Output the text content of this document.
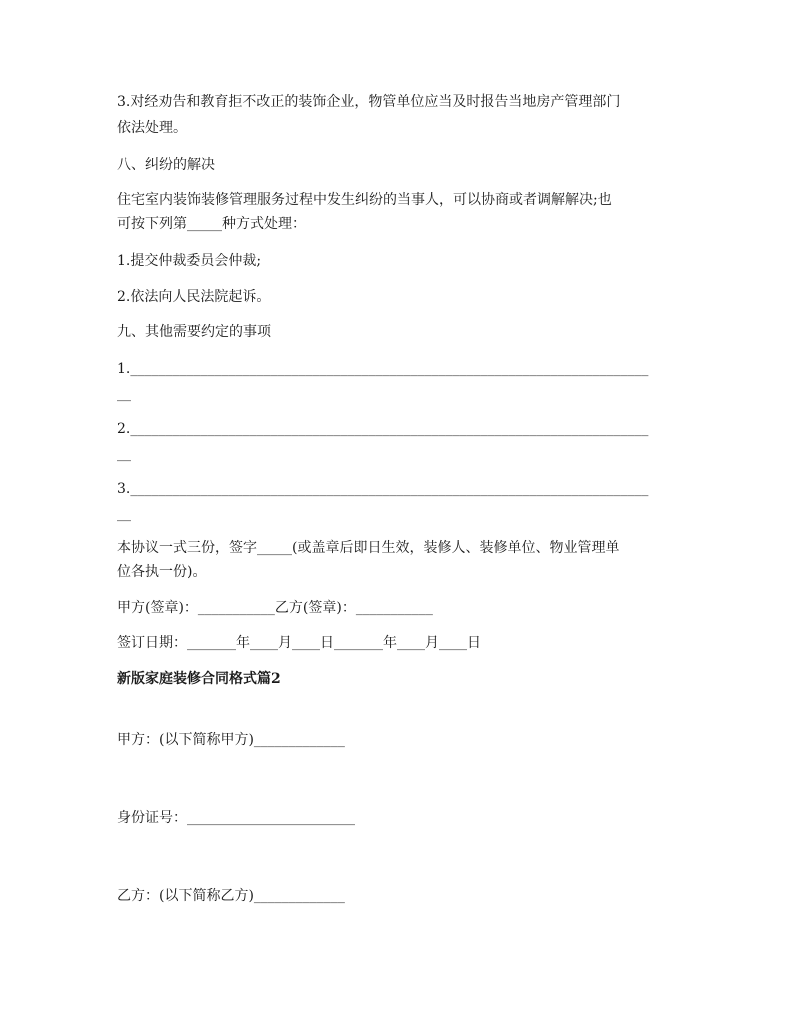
3.对经劝告和教育拒不改正的装饰企业，物管单位应当及时报告当地房产管理部门
依法处理。
八、纠纷的解决
住宅室内装饰装修管理服务过程中发生纠纷的当事人，可以协商或者调解解决;也
可按下列第_____种方式处理：
1.提交仲裁委员会仲裁;
2.依法向人民法院起诉。
九、其他需要约定的事项
1.__________________________________________________________________________
__
2.__________________________________________________________________________
__
3.__________________________________________________________________________
__
本协议一式三份，签字_____(或盖章后即日生效，装修人、装修单位、物业管理单
位各执一份)。
甲方(签章)：___________乙方(签章)：___________
签订日期：_______年____月____日_______年____月____日
新版家庭装修合同格式篇2
甲方：(以下简称甲方)_____________
身份证号：________________________
乙方：(以下简称乙方)_____________
